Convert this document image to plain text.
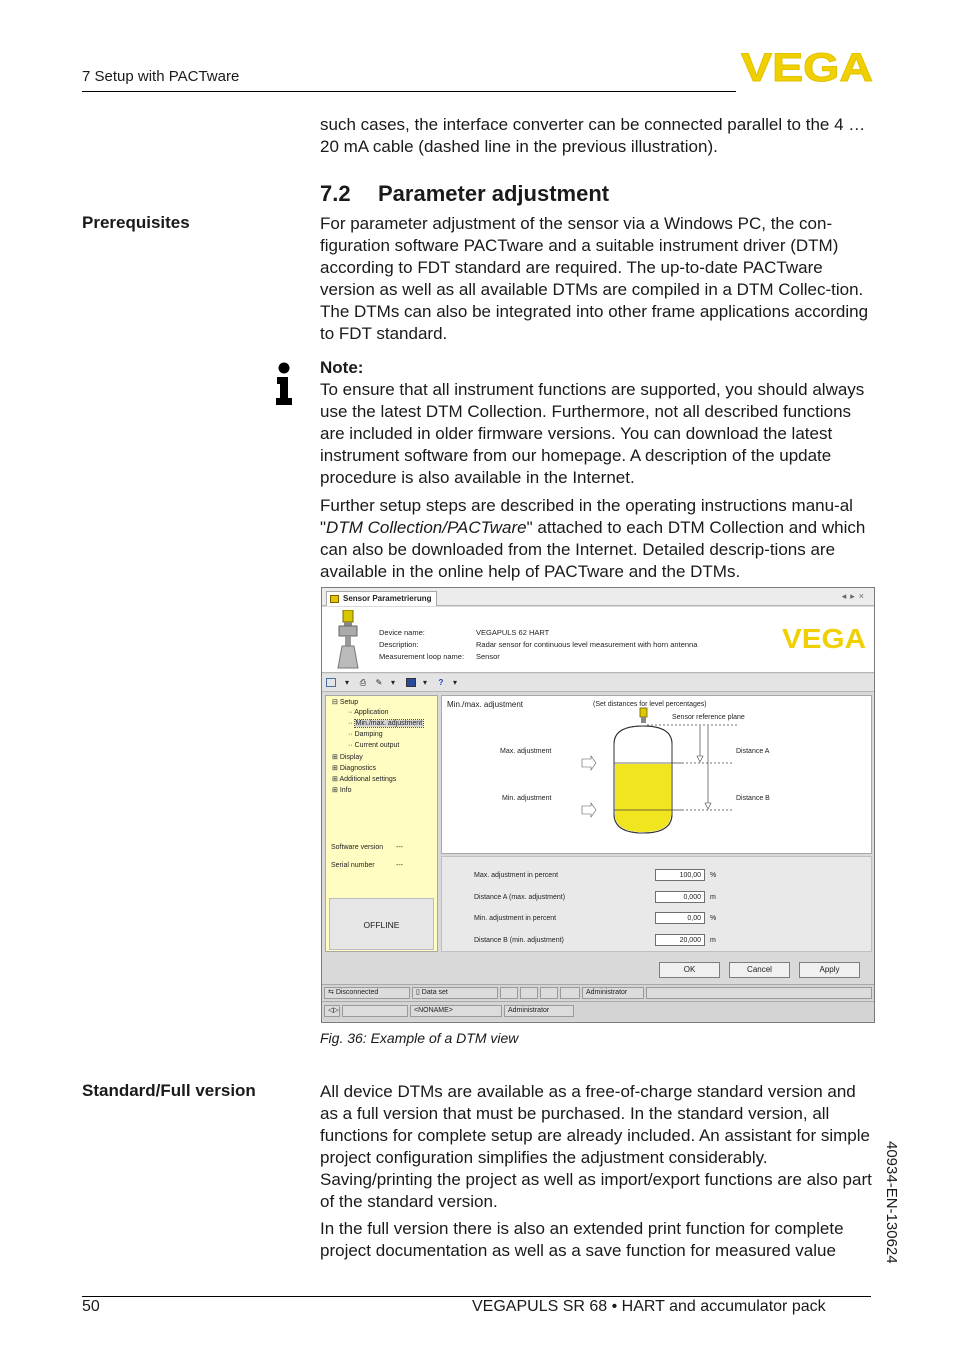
7 Setup with PACTware	VEGA
such cases, the interface converter can be connected parallel to the 4 … 20 mA cable (dashed line in the previous illustration).
7.2 Parameter adjustment
Prerequisites	For parameter adjustment of the sensor via a Windows PC, the con-figuration software PACTware and a suitable instrument driver (DTM) according to FDT standard are required. The up-to-date PACTware version as well as all available DTMs are compiled in a DTM Collec-tion. The DTMs can also be integrated into other frame applications according to FDT standard.
Note:
To ensure that all instrument functions are supported, you should always use the latest DTM Collection. Furthermore, not all described functions are included in older firmware versions. You can download the latest instrument software from our homepage. A description of the update procedure is also available in the Internet.
Further setup steps are described in the operating instructions manu-al "DTM Collection/PACTware" attached to each DTM Collection and which can also be downloaded from the Internet. Detailed descrip-tions are available in the online help of PACTware and the DTMs.
Sensor Parametrierung	◂▸×
Device name:	VEGAPULS 62 HART
Description:	Radar sensor for continuous level measurement with horn antenna
Measurement loop name: Sensor
VEGA
▾	⎙ ✎	▾	▾	?	▾
⊟ Setup
·· Application
·· Min./max. adjustment
·· Damping
·· Current output
⊞ Display
⊞ Diagnostics
⊞ Additional settings
⊞ Info
Software version ---
Serial number	---
OFFLINE
Min./max. adjustment	(Set distances for level percentages)
Sensor reference plane
Max. adjustment
Min. adjustment
Distance A
Distance B
Max. adjustment in percent	100,00	%
Distance A (max. adjustment)	0,000	m
Min. adjustment in percent	0,00	%
Distance B (min. adjustment)	20,000	m
OK	Cancel	Apply
⇆ Disconnected	▯ Data set	Administrator
◁▷	<NONAME>	Administrator
Fig. 36: Example of a DTM view
Standard/Full version	All device DTMs are available as a free-of-charge standard version and as a full version that must be purchased. In the standard version, all functions for complete setup are already included. An assistant for simple project configuration simplifies the adjustment considerably. Saving/printing the project as well as import/export functions are also part of the standard version.
In the full version there is also an extended print function for complete project documentation as well as a save function for measured value	40934-EN-130624
50	VEGAPULS SR 68 • HART and accumulator pack
